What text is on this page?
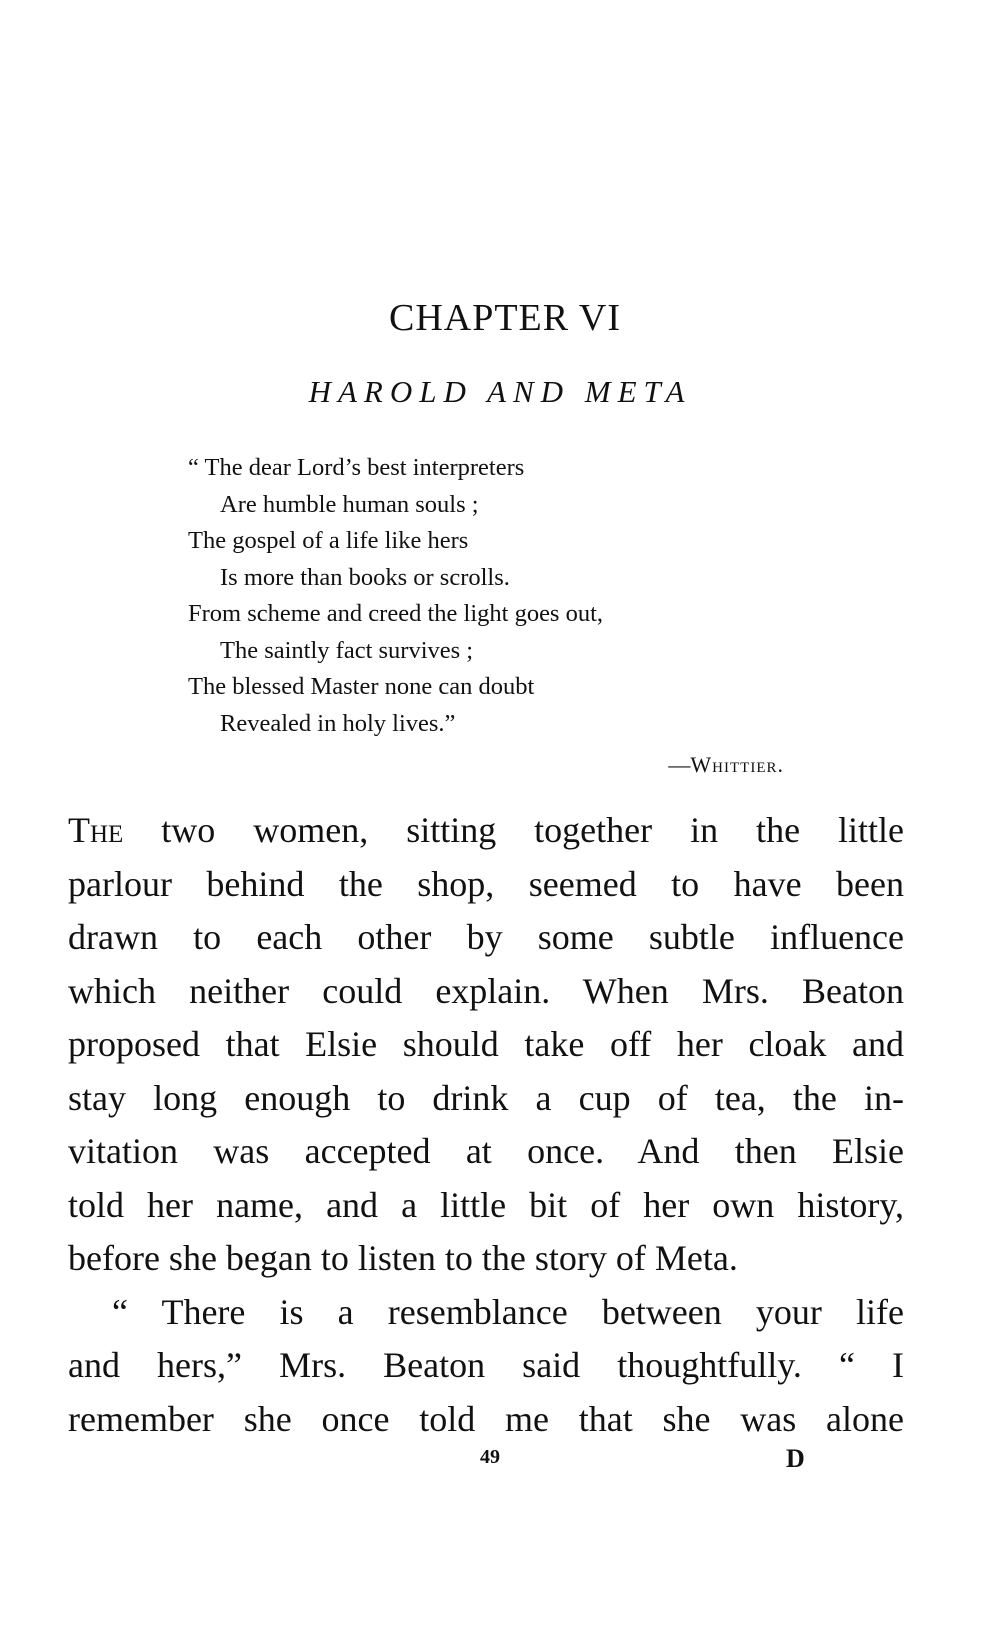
CHAPTER VI
HAROLD AND META
“ The dear Lord’s best interpreters
Are humble human souls ;
The gospel of a life like hers
Is more than books or scrolls.
From scheme and creed the light goes out,
The saintly fact survives ;
The blessed Master none can doubt
Revealed in holy lives.”
—Whittier.
The two women, sitting together in the little
parlour behind the shop, seemed to have been
drawn to each other by some subtle influence
which neither could explain. When Mrs. Beaton
proposed that Elsie should take off her cloak and
stay long enough to drink a cup of tea, the in-
vitation was accepted at once. And then Elsie
told her name, and a little bit of her own history,
before she began to listen to the story of Meta.
“ There is a resemblance between your life
and hers,” Mrs. Beaton said thoughtfully. “ I
remember she once told me that she was alone
49	D
